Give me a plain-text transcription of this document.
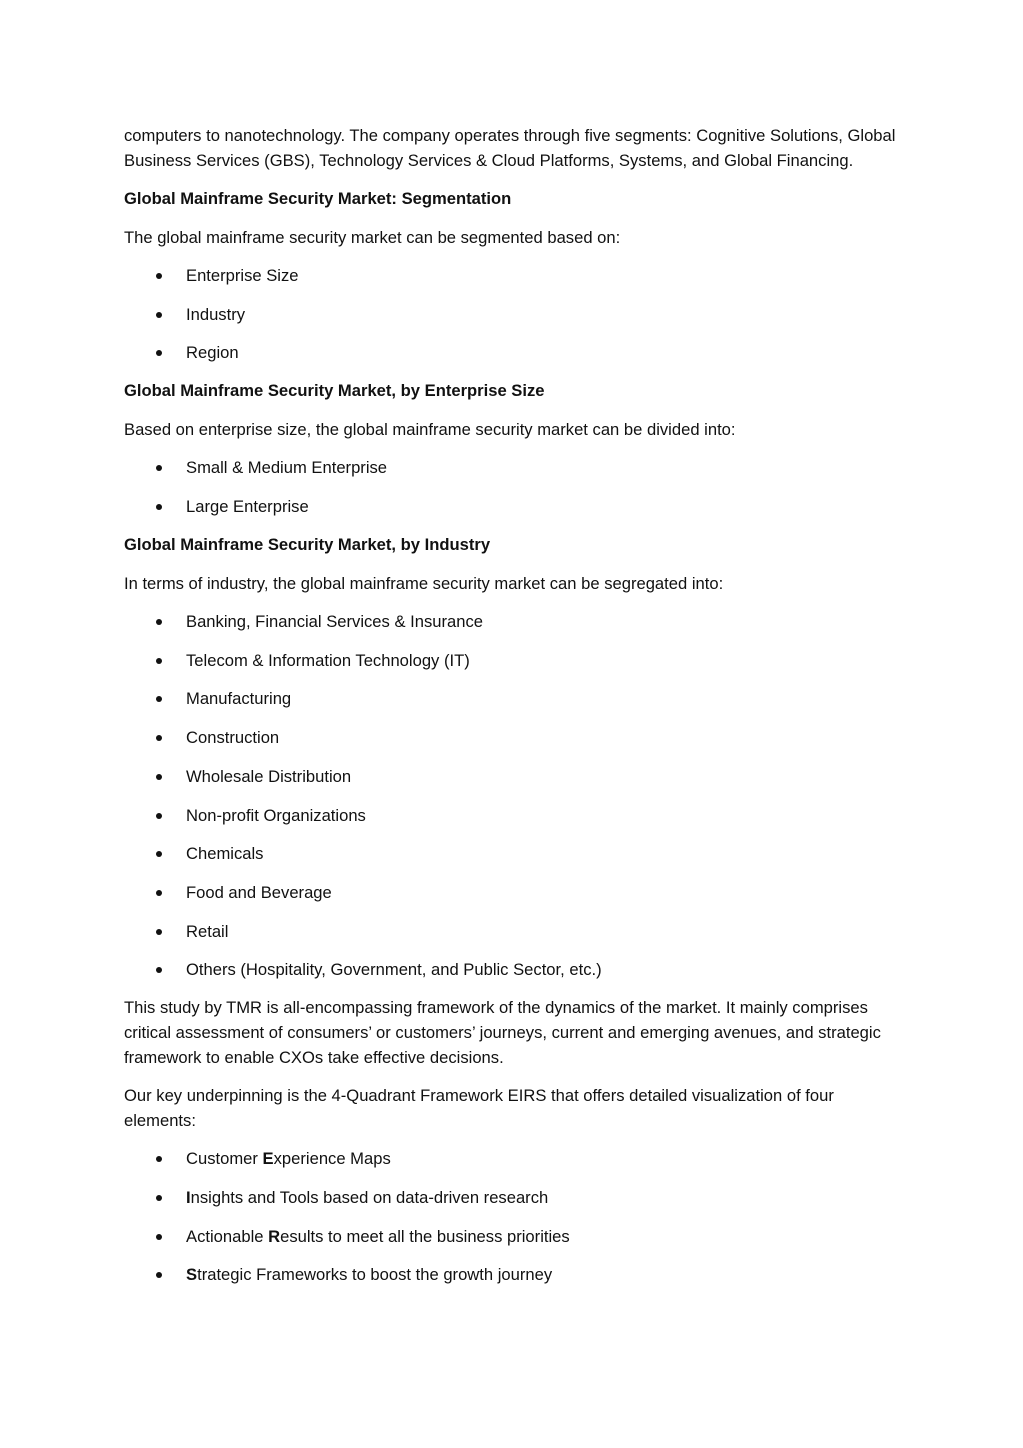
computers to nanotechnology. The company operates through five segments: Cognitive Solutions, Global Business Services (GBS), Technology Services & Cloud Platforms, Systems, and Global Financing.

Global Mainframe Security Market: Segmentation

The global mainframe security market can be segmented based on:

Enterprise Size
Industry
Region

Global Mainframe Security Market, by Enterprise Size

Based on enterprise size, the global mainframe security market can be divided into:

Small & Medium Enterprise
Large Enterprise

Global Mainframe Security Market, by Industry

In terms of industry, the global mainframe security market can be segregated into:

Banking, Financial Services & Insurance
Telecom & Information Technology (IT)
Manufacturing
Construction
Wholesale Distribution
Non-profit Organizations
Chemicals
Food and Beverage
Retail
Others (Hospitality, Government, and Public Sector, etc.)

This study by TMR is all-encompassing framework of the dynamics of the market. It mainly comprises critical assessment of consumers’ or customers’ journeys, current and emerging avenues, and strategic framework to enable CXOs take effective decisions.

Our key underpinning is the 4-Quadrant Framework EIRS that offers detailed visualization of four elements:

Customer Experience Maps
Insights and Tools based on data-driven research
Actionable Results to meet all the business priorities
Strategic Frameworks to boost the growth journey
